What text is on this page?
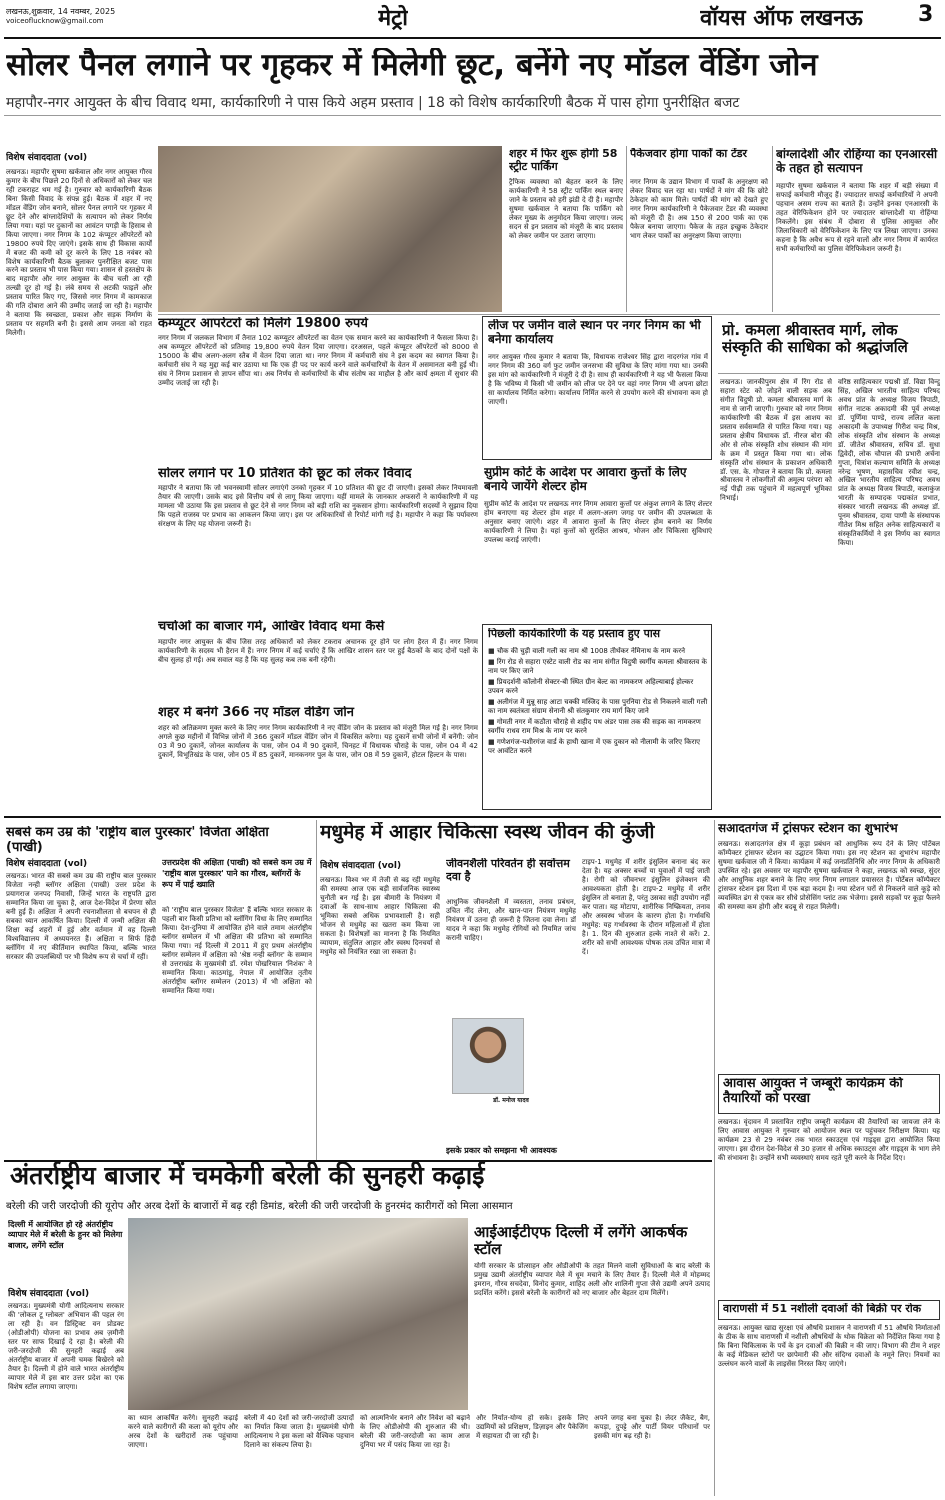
लखनऊ,शुक्रवार, 14 नवम्बर, 2025
voiceoflucknow@gmail.com	मेट्रो	वॉयस ऑफ लखनऊ	3
सोलर पैनल लगाने पर गृहकर में मिलेगी छूट, बनेंगे नए मॉडल वेंडिंग जोन
महापौर-नगर आयुक्त के बीच विवाद थमा, कार्यकारिणी ने पास किये अहम प्रस्ताव | 18 को विशेष कार्यकारिणी बैठक में पास होगा पुनरीक्षित बजट
विशेष संवाददाता (vol)
लखनऊ। महापौर सुषमा खर्कवाल और नगर आयुक्त गौरव कुमार के बीच पिछले 20 दिनों से अधिकारों को लेकर चल रही टकराहट थम गई है। गुरुवार को कार्यकारिणी बैठक बिना किसी विवाद के संपन्न हुई। बैठक में शहर में नए मॉडल वेंडिंग जोन बनाने, सोलर पैनल लगाने पर गृहकर में छूट देने और बांग्लादेशियों के सत्यापन को लेकर निर्णय लिया गया। यहां पर दुकानों का आवंटन पगड़ी के हिसाब से किया जाएगा। नगर निगम के 102 कंप्यूटर ऑपरेटरों को 19800 रुपये दिए जाएंगे। इसके साथ ही विकास कार्यों में बजट की कमी को दूर करने के लिए 18 नवंबर को विशेष कार्यकारिणी बैठक बुलाकर पुनरीक्षित बजट पास करने का प्रस्ताव भी पास किया गया। शासन से हस्तक्षेप के बाद महापौर और नगर आयुक्त के बीच चली आ रही तल्खी दूर हो गई है। लंबे समय से अटकी फाइलें और प्रस्ताव पारित किए गए, जिससे नगर निगम में कामकाज की गति दोबारा आने की उम्मीद जताई जा रही है। महापौर ने बताया कि स्वच्छता, प्रकाश और सड़क निर्माण के प्रस्ताव पर सहमति बनी है। इससे आम जनता को राहत मिलेगी।
शहर में फिर शुरू होगी 58 स्ट्रीट पार्किंग
ट्रैफिक व्यवस्था को बेहतर करने के लिए कार्यकारिणी ने 58 स्ट्रीट पार्किंग स्थल बनाए जाने के प्रस्ताव को हरी झंडी दे दी है। महापौर सुषमा खर्कवाल ने बताया कि पार्किंग को लेकर मुख्य के अनुमोदन किया जाएगा। जल्द सदन से इन प्रस्ताव को मंजूरी के बाद प्रस्ताव को लेकर जमीन पर उतारा जाएगा।
पैकेजवार होगा पार्कों का टेंडर
नगर निगम के उद्यान विभाग में पार्कों के अनुरक्षण को लेकर विवाद चल रहा था। पार्षदों ने मांग की कि छोटे ठेकेदार को काम मिले। पार्षदों की मांग को देखते हुए नगर निगम कार्यकारिणी ने पैकेजवार टेंडर की व्यवस्था को मंजूरी दी है। अब 150 से 200 पार्क का एक पैकेज बनाया जाएगा। पैकेज के तहत इच्छुक ठेकेदार भाग लेकर पार्कों का अनुरक्षण किया जाएगा।
बांग्लादेशी और रोहिंग्या का एनआरसी के तहत हो सत्यापन
महापौर सुषमा खर्कवाल ने बताया कि शहर में बड़ी संख्या में सफाई कर्मचारी मौजूद हैं। ज्यादातर सफाई कर्मचारियों ने अपनी पहचान असम राज्य का बताते हैं। उन्होंने इनका एनआरसी के तहत वेरिफिकेशन होने पर ज्यादातर बांग्लादेशी या रोहिंग्या निकलेंगे। इस संबंध में दोबारा से पुलिस आयुक्त और जिलाधिकारी को वेरिफिकेशन के लिए पत्र लिखा जाएगा। उनका कहना है कि अवैध रूप से रहने वालों और नगर निगम में कार्यरत सभी कर्मचारियों का पुलिस वेरिफिकेशन जरूरी है।
कम्प्यूटर आपरेटरों को मिलेंगे 19800 रुपये
नगर निगम में जलकल विभाग में तैनात 102 कम्प्यूटर ऑपरेटरों का वेतन एक समान करने का कार्यकारिणी ने फैसला किया है। अब कम्प्यूटर ऑपरेटरों को प्रतिमाह 19,800 रुपये वेतन दिया जाएगा। दरअसल, पहले कंप्यूटर ऑपरेटरों को 8000 से 15000 के बीच अलग-अलग स्तैब में वेतन दिया जाता था। नगर निगम में कर्मचारी संघ ने इस कदम का स्वागत किया है। कर्मचारी संघ ने यह मुद्दा कई बार उठाया था कि एक ही पद पर कार्य करने वाले कर्मचारियों के वेतन में असमानता बनी हुई थी। संघ ने निगम प्रशासन से ज्ञापन सौंपा था। अब निर्णय से कर्मचारियों के बीच संतोष का माहौल है और कार्य क्षमता में सुधार की उम्मीद जताई जा रही है।
लीज पर जमीन वाले स्थान पर नगर निगम का भी बनेगा कार्यालय
नगर आयुक्त गौरव कुमार ने बताया कि, विधायक राजेश्वर सिंह द्वारा नादरगंज गांव में नगर निगम की 360 वर्ग फुट जमीन जनसभा की सुविधा के लिए मांगा गया था। उनकी इस मांग को कार्यकारिणी ने मंजूरी दे दी है। साथ ही कार्यकारिणी ने यह भी फैसला किया है कि भविष्य में किसी भी जमीन को लीज पर देने पर वहां नगर निगम भी अपना छोटा सा कार्यालय निर्मित करेगा। कार्यालय निर्मित करने से उपयोग करने की संभावना कम हो जाएगी।
प्रो. कमला श्रीवास्तव मार्ग, लोक संस्कृति की साधिका को श्रद्धांजलि
लखनऊ। जानकीपुरम क्षेत्र में रिंग रोड से सहारा स्टेट को जोड़ने वाली सड़क अब संगीत विदुषी प्रो. कमला श्रीवास्तव मार्ग के नाम से जानी जाएगी। गुरुवार को नगर निगम कार्यकारिणी की बैठक में इस आशय का प्रस्ताव सर्वसम्मति से पारित किया गया। यह प्रस्ताव क्षेत्रीय विधायक डॉ. नीरज बोरा की ओर से लोक संस्कृति शोध संस्थान की मांग के क्रम में प्रस्तुत किया गया था। लोक संस्कृति शोध संस्थान के प्रकाशन अधिकारी डॉ. एस. के. गोपाल ने बताया कि प्रो. कमला श्रीवास्तव ने लोकगीतों की अमूल्य परंपरा को नई पीढ़ी तक पहुंचाने में महत्वपूर्ण भूमिका निभाई।
वरिष्ठ साहित्यकार पद्मश्री डॉ. विद्या विन्दु सिंह, अखिल भारतीय साहित्य परिषद अवध प्रांत के अध्यक्ष विजय त्रिपाठी, संगीत नाटक अकादमी की पूर्व अध्यक्ष डॉ. पूर्णिमा पाण्डे, राज्य ललित कला अकादमी के उपाध्यक्ष गिरीश चन्द्र मिश्र, लोक संस्कृति शोध संस्थान के अध्यक्ष डॉ. जीतेश श्रीवास्तव, सचिव डॉ. सुधा द्विवेदी, लोक चौपाल की प्रभारी अर्चना गुप्ता, चित्रांश कल्याण समिति के अध्यक्ष नरेन्द्र भूषण, महासचिव रवीश चन्द्र, अखिल भारतीय साहित्य परिषद अवध प्रांत के अध्यक्ष विजय त्रिपाठी, कलाकुंज भारती के सम्पादक पद्मकांत प्रभात, संस्कार भारती लखनऊ की अध्यक्ष डॉ. पूनम श्रीवास्तव, दाया पाणी के संस्थापक गीतेश मिश्र सहित अनेक साहित्यकारों व संस्कृतिकर्मियों ने इस निर्णय का स्वागत किया।
सोलर लगाने पर 10 प्रतिशत की छूट को लेकर विवाद
महापौर ने बताया कि जो भवनस्वामी सोलर लगाएंगे उनको गृहकर में 10 प्रतिशत की छूट दी जाएगी। इसको लेकर नियमावली तैयार की जाएगी। उसके बाद इसे वित्तीय वर्ष से लागू किया जाएगा। यहीं मामले के जानकार अफसरों ने कार्यकारिणी में यह मामला भी उठाया कि इस प्रस्ताव से छूट देने से नगर निगम को बड़ी राशि का नुकसान होगा। कार्यकारिणी सदस्यों ने सुझाव दिया कि पहले राजस्व पर प्रभाव का आकलन किया जाए। इस पर अधिकारियों से रिपोर्ट मांगी गई है। महापौर ने कहा कि पर्यावरण संरक्षण के लिए यह योजना जरूरी है।
सुप्रीम कोर्ट के आदेश पर आवारा कुत्तों के लिए बनाये जायेंगे शेल्टर होम
सुप्रीम कोर्ट के आदेश पर लखनऊ नगर निगम आवारा कुत्तों पर अंकुश लगाने के लिए शेल्टर होम बनाएगा यह शेल्टर होम शहर में अलग-अलग जगह पर जमीन की उपलब्धता के अनुसार बनाए जाएंगे। शहर में आवारा कुत्तों के लिए शेल्टर होम बनाने का निर्णय कार्यकारिणी ने लिया है। यहां कुत्तों को सुरक्षित आश्रय, भोजन और चिकित्सा सुविधाएं उपलब्ध कराई जाएंगी।
चर्चाओं का बाजार गर्म, आखिर विवाद थमा कैसे
महापौर नगर आयुक्त के बीच जिस तरह अधिकारों को लेकर टकराव अचानक दूर होने पर लोग हैरत में हैं। नगर निगम कार्यकारिणी के सदस्य भी हैरान में हैं। नगर निगम में कई चर्चाएं हैं कि आखिर शासन स्तर पर हुई बैठकों के बाद दोनों पक्षों के बीच सुलह हो गई। अब सवाल यह है कि यह सुलह कब तक बनी रहेगी।
पिछली कार्यकारिणी के यह प्रस्ताव हुए पास
■ चौक की चुड़ी वाली गली का नाम श्री 1008 तीर्थंकर नेमिनाथ के नाम करने
■ रिंग रोड से सहारा एस्टेट वाली रोड का नाम संगीत विदुषी स्वर्गीय कमला श्रीवास्तव के नाम पर किए जाने
■ प्रियदर्शनी कॉलोनी सेक्टर-बी स्थित ग्रीन बेल्ट का नामकरण अहिल्याबाई होल्कर उपवन करने
■ अलीगंज में मुन्नू साह आटा चक्की मस्जिद के पास पुरनिया रोड से निकलने वाली गली का नाम स्वतंत्रता संग्राम सेनानी श्री संतकुमार राय मार्ग किए जाने
■ गोमती नगर में कठौता चौराहे से शहीद पथ अंडर पास तक की सड़क का नामकरण स्वर्गीय राधव राम मिश्र के नाम पर करने
■ गणेशगंज-यशीरगंज वार्ड के हाथी खाना में एक दुकान को नीलामी के जरिए किराए पर आवंटित करने
शहर में बनेंगे 366 नए मॉडल वेंडिंग जोन
शहर को अतिक्रमण मुक्त करने के लिए नगर निगम कार्यकारिणी ने नए वेंडिंग जोन के प्रस्ताव को मंजूरी मिल गई है। नगर निगम अगले कुछ महीनों में विभिन्न जोनों में 366 दुकानें मॉडल वेंडिंग जोन में विकसित करेगा। यह दुकानें सभी जोनों में बनेंगी: जोन 03 में 90 दुकानें, जोनल कार्यालय के पास, जोन 04 में 90 दुकानें, चिनहट में विधायक चौराहे के पास, जोन 04 में 42 दुकानें, विभूतिखंड के पास, जोन 05 में 85 दुकानें, मानकनगर पुल के पास, जोन 08 में 59 दुकानें, होटल हिल्टन के पास।
सबसे कम उम्र की 'राष्ट्रीय बाल पुरस्कार' विजेता अक्षिता (पाखी)
विशेष संवाददाता (vol)
लखनऊ। भारत की सबसे कम उम्र की राष्ट्रीय बाल पुरस्कार विजेता नन्ही ब्लॉगर अक्षिता (पाखी) उत्तर प्रदेश के प्रयागराज जनपद निवासी, जिन्हें भारत के राष्ट्रपति द्वारा सम्मानित किया जा चुका है, आज देश-विदेश में प्रेरणा स्रोत बनी हुई हैं। अक्षिता ने अपनी रचनाशीलता से बचपन से ही सबका ध्यान आकर्षित किया। दिल्ली में जन्मी अक्षिता की शिक्षा कई शहरों में हुई और वर्तमान में वह दिल्ली विश्वविद्यालय में अध्ययनरत हैं। अक्षिता न सिर्फ हिंदी ब्लॉगिंग में नए कीर्तिमान स्थापित किया, बल्कि भारत सरकार की उपलब्धियों पर भी विशेष रूप से चर्चा में रहीं।
उत्तरप्रदेश की अक्षिता (पाखी) को सबसे कम उम्र में 'राष्ट्रीय बाल पुरस्कार' पाने का गौरव, ब्लॉगरों के रूप में पाई ख्याति
को 'राष्ट्रीय बाल पुरस्कार विजेता' हैं बल्कि भारत सरकार के पहली बार किसी प्रतिभा को ब्लॉगिंग विधा के लिए सम्मानित किया। देश-दुनिया में आयोजित होने वाले तमाम अंतर्राष्ट्रीय ब्लॉगर सम्मेलन में भी अक्षिता की प्रतिभा को सम्मानित किया गया। नई दिल्ली में 2011 में हुए प्रथम अंतर्राष्ट्रीय ब्लॉगर सम्मेलन में अक्षिता को 'श्रेष्ठ नन्ही ब्लॉगर' के सम्मान से उत्तराखंड के मुख्यमंत्री डॉ. रमेश पोखरियाल 'निशंक' ने सम्मानित किया। काठमांडू, नेपाल में आयोजित तृतीय अंतर्राष्ट्रीय ब्लॉगर सम्मेलन (2013) में भी अक्षिता को सम्मानित किया गया।
मधुमेह में आहार चिकित्सा स्वस्थ जीवन की कुंजी
विशेष संवाददाता (vol)
लखनऊ। विश्व भर में तेजी से बढ़ रही मधुमेह की समस्या आज एक बड़ी सार्वजनिक स्वास्थ्य चुनौती बन गई है। इस बीमारी के नियंत्रण में दवाओं के साथ-साथ आहार चिकित्सा की भूमिका सबसे अधिक प्रभावशाली है। सही भोजन से मधुमेह का खतरा कम किया जा सकता है। विशेषज्ञों का मानना है कि नियमित व्यायाम, संतुलित आहार और स्वस्थ दिनचर्या से मधुमेह को नियंत्रित रखा जा सकता है।
जीवनशैली परिवर्तन ही सर्वोत्तम दवा है
आधुनिक जीवनशैली में व्यस्तता, तनाव प्रबंधन, उचित नींद लेना, और खान-पान नियंत्रण मधुमेह नियंत्रण में उतना ही जरूरी है जितना दवा लेना। डॉ यादव ने कहा कि मधुमेह रोगियों को नियमित जांच करानी चाहिए।
डॉ. मनोज यादव
टाइप-1 मधुमेह में शरीर इंसुलिन बनाना बंद कर देता है। यह अक्सर बच्चों या युवाओं में पाई जाती है। रोगी को जीवनभर इंसुलिन इंजेक्शन की आवश्यकता होती है। टाइप-2 मधुमेह में शरीर इंसुलिन तो बनाता है, परंतु उसका सही उपयोग नहीं कर पाता। यह मोटापा, शारीरिक निष्क्रियता, तनाव और अस्वस्थ भोजन के कारण होता है। गर्भावधि मधुमेह: यह गर्भावस्था के दौरान महिलाओं में होता है। 1. दिन की शुरुआत हल्के नाश्ते से करें। 2. शरीर को सभी आवश्यक पोषक तत्व उचित मात्रा में दें।
इसके प्रकार को समझना भी आवश्यक
सआदतगंज में ट्रांसफर स्टेशन का शुभारंभ
लखनऊ। सआदतगंज क्षेत्र में कूड़ा प्रबंधन को आधुनिक रूप देने के लिए पोर्टेबल कॉम्पैक्टर ट्रांसफर स्टेशन का उद्घाटन किया गया। इस नए स्टेशन का शुभारंभ महापौर सुषमा खर्कवाल जी ने किया। कार्यक्रम में कई जनप्रतिनिधि और नगर निगम के अधिकारी उपस्थित रहे। इस अवसर पर महापौर सुषमा खर्कवाल ने कहा, लखनऊ को स्वच्छ, सुंदर और आधुनिक शहर बनाने के लिए नगर निगम लगातार प्रयासरत है। पोर्टेबल कॉम्पैक्टर ट्रांसफर स्टेशन इस दिशा में एक बड़ा कदम है। नया स्टेशन घरों से निकलने वाले कूड़े को व्यवस्थित ढंग से एकत्र कर सीधे प्रोसेसिंग प्लांट तक भेजेगा। इससे सड़कों पर कूड़ा फैलने की समस्या कम होगी और बदबू से राहत मिलेगी।
आवास आयुक्त ने जम्बूरी कार्यक्रम की तैयारियों को परखा
लखनऊ। वृंदावन में प्रस्तावित राष्ट्रीय जम्बूरी कार्यक्रम की तैयारियों का जायजा लेने के लिए आवास आयुक्त ने गुरुवार को आयोजन स्थल पर पहुंचकर निरीक्षण किया। यह कार्यक्रम 23 से 29 नवंबर तक भारत स्काउट्स एवं गाइड्स द्वारा आयोजित किया जाएगा। इस दौरान देश-विदेश से 30 हजार से अधिक स्काउट्स और गाइड्स के भाग लेने की संभावना है। उन्होंने सभी व्यवस्थाएं समय रहते पूरी करने के निर्देश दिए।
वाराणसी में 51 नशीली दवाओं की बिक्री पर रोक
लखनऊ। आयुक्त खाद्य सुरक्षा एवं औषधि प्रशासन ने वाराणसी में 51 औषधि निर्माताओं के ठीक के साथ वाराणसी में नशीली औषधियों के थोक विक्रेता को निर्देशित किया गया है कि बिना चिकित्सक के पर्चे के इन दवाओं की बिक्री न की जाए। विभाग की टीम ने शहर के कई मेडिकल स्टोरों पर छापेमारी की और संदिग्ध दवाओं के नमूने लिए। नियमों का उल्लंघन करने वालों के लाइसेंस निरस्त किए जाएंगे।
अंतर्राष्ट्रीय बाजार में चमकेगी बरेली की सुनहरी कढ़ाई
बरेली की जरी जरदोजी की यूरोप और अरब देशों के बाजारों में बढ़ रही डिमांड, बरेली की जरी जरदोजी के हुनरमंद कारीगरों को मिला आसमान
दिल्ली में आयोजित हो रहे अंतर्राष्ट्रीय व्यापार मेले में बरेली के हुनर को मिलेगा बाजार, लगेंगे स्टॉल
विशेष संवाददाता (vol)
लखनऊ। मुख्यमंत्री योगी आदित्यनाथ सरकार की 'लोकल टू ग्लोबल' अभियान की पहल रंग ला रही है। वन डिस्ट्रिक्ट वन प्रोडक्ट (ओडीओपी) योजना का प्रभाव अब ज़मीनी स्तर पर साफ दिखाई दे रहा है। बरेली की जरी-जरदोजी की सुनहरी कढ़ाई अब अंतर्राष्ट्रीय बाजार में अपनी चमक बिखेरने को तैयार है। दिल्ली में होने वाले भारत अंतर्राष्ट्रीय व्यापार मेले में इस बार उत्तर प्रदेश का एक विशेष स्टॉल लगाया जाएगा।
आईआईटीएफ दिल्ली में लगेंगे आकर्षक स्टॉल
योगी सरकार के प्रोत्साहन और ओडीओपी के तहत मिलने वाली सुविधाओं के बाद बरेली के प्रमुख उद्यमी अंतर्राष्ट्रीय व्यापार मेले में धूम मचाने के लिए तैयार हैं। दिल्ली मेले में मोहम्मद इमरान, गौरव सचदेवा, विनोद कुमार, शाहिद अली और शालिनी गुप्ता जैसे उद्यमी अपने उत्पाद प्रदर्शित करेंगे। इससे बरेली के कारीगरों को नए बाजार और बेहतर दाम मिलेंगे।
का ध्यान आकर्षित करेंगे। सुनहरी कढ़ाई करने वाले कारीगरों की कला को यूरोप और अरब देशों के खरीदारों तक पहुंचाया जाएगा।
बरेली में 40 देशों को जरी-जरदोजी उत्पादों का निर्यात किया जाता है। मुख्यमंत्री योगी आदित्यनाथ ने इस कला को वैश्विक पहचान दिलाने का संकल्प लिया है।
को आत्मनिर्भर बनाने और निवेश को बढ़ाने के लिए ओडीओपी की शुरुआत की थी। बरेली की जरी-जरदोजी का काम आज दुनिया भर में पसंद किया जा रहा है।
और निर्यात-योग्य हो सके। इसके लिए उद्यमियों को प्रशिक्षण, डिज़ाइन और पैकेजिंग में सहायता दी जा रही है।
अपने जगह बना चुका है। लेदर जैकेट, बैग, कपड़ा, दुपट्टे और पार्टी वियर परिधानों पर इसकी मांग बढ़ रही है।
